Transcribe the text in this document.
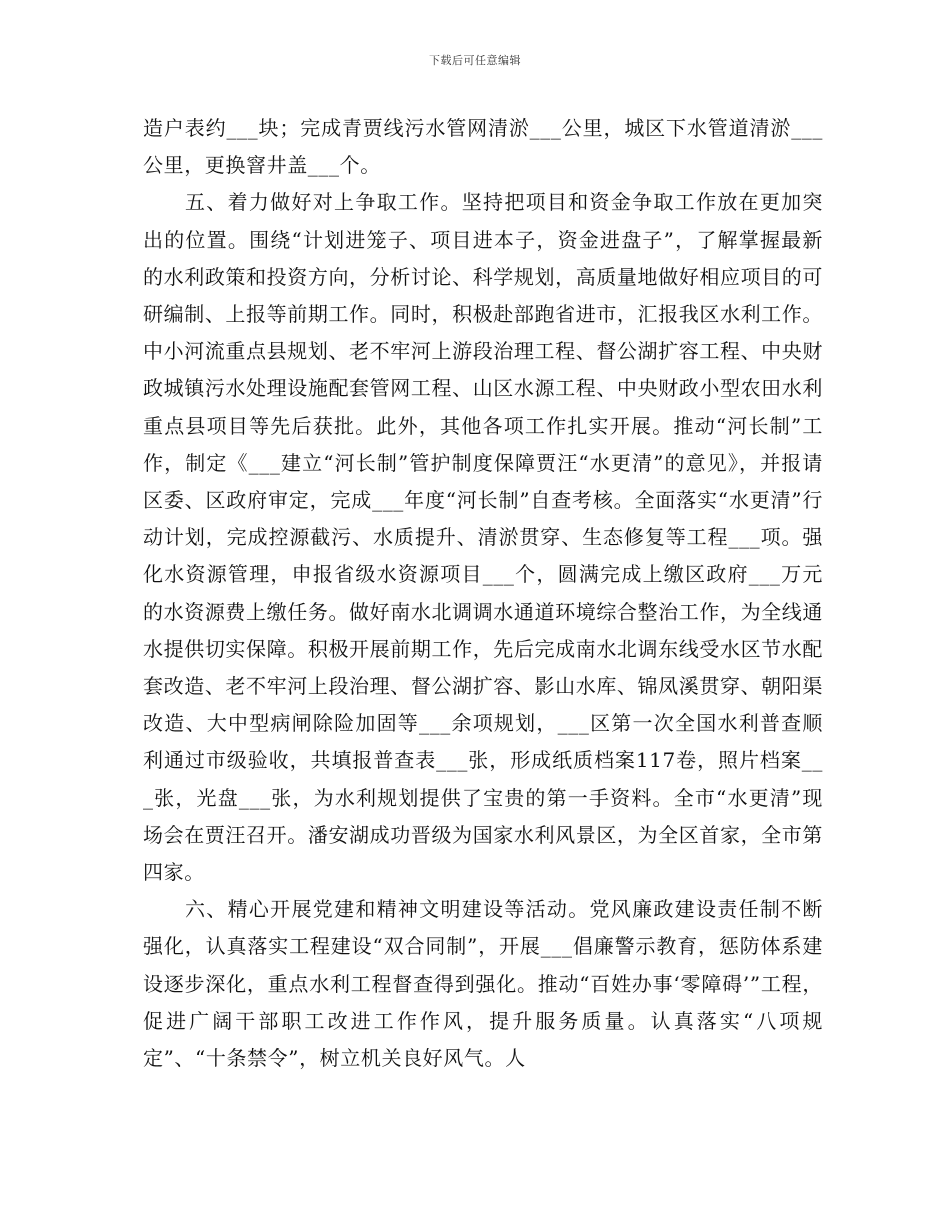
下载后可任意编辑

造户表约___块；完成青贾线污水管网清淤___公里，城区下水管道清淤___公里，更换窨井盖___个。

五、着力做好对上争取工作。坚持把项目和资金争取工作放在更加突出的位置。围绕“计划进笼子、项目进本子，资金进盘子”，了解掌握最新的水利政策和投资方向，分析讨论、科学规划，高质量地做好相应项目的可研编制、上报等前期工作。同时，积极赴部跑省进市，汇报我区水利工作。中小河流重点县规划、老不牢河上游段治理工程、督公湖扩容工程、中央财政城镇污水处理设施配套管网工程、山区水源工程、中央财政小型农田水利重点县项目等先后获批。此外，其他各项工作扎实开展。推动“河长制”工作，制定《___建立“河长制”管护制度保障贾汪“水更清”的意见》，并报请区委、区政府审定，完成___年度“河长制”自查考核。全面落实“水更清”行动计划，完成控源截污、水质提升、清淤贯穿、生态修复等工程___项。强化水资源管理，申报省级水资源项目___个，圆满完成上缴区政府___万元的水资源费上缴任务。做好南水北调调水通道环境综合整治工作，为全线通水提供切实保障。积极开展前期工作，先后完成南水北调东线受水区节水配套改造、老不牢河上段治理、督公湖扩容、影山水库、锦凤溪贯穿、朝阳渠改造、大中型病闸除险加固等___余项规划，___区第一次全国水利普查顺利通过市级验收，共填报普查表___张，形成纸质档案117卷，照片档案___张，光盘___张，为水利规划提供了宝贵的第一手资料。全市“水更清”现场会在贾汪召开。潘安湖成功晋级为国家水利风景区，为全区首家，全市第四家。

六、精心开展党建和精神文明建设等活动。党风廉政建设责任制不断强化，认真落实工程建设“双合同制”，开展___倡廉警示教育，惩防体系建设逐步深化，重点水利工程督查得到强化。推动“百姓办事‘零障碍’”工程，促进广阔干部职工改进工作作风，提升服务质量。认真落实“八项规定”、“十条禁令”，树立机关良好风气。人
